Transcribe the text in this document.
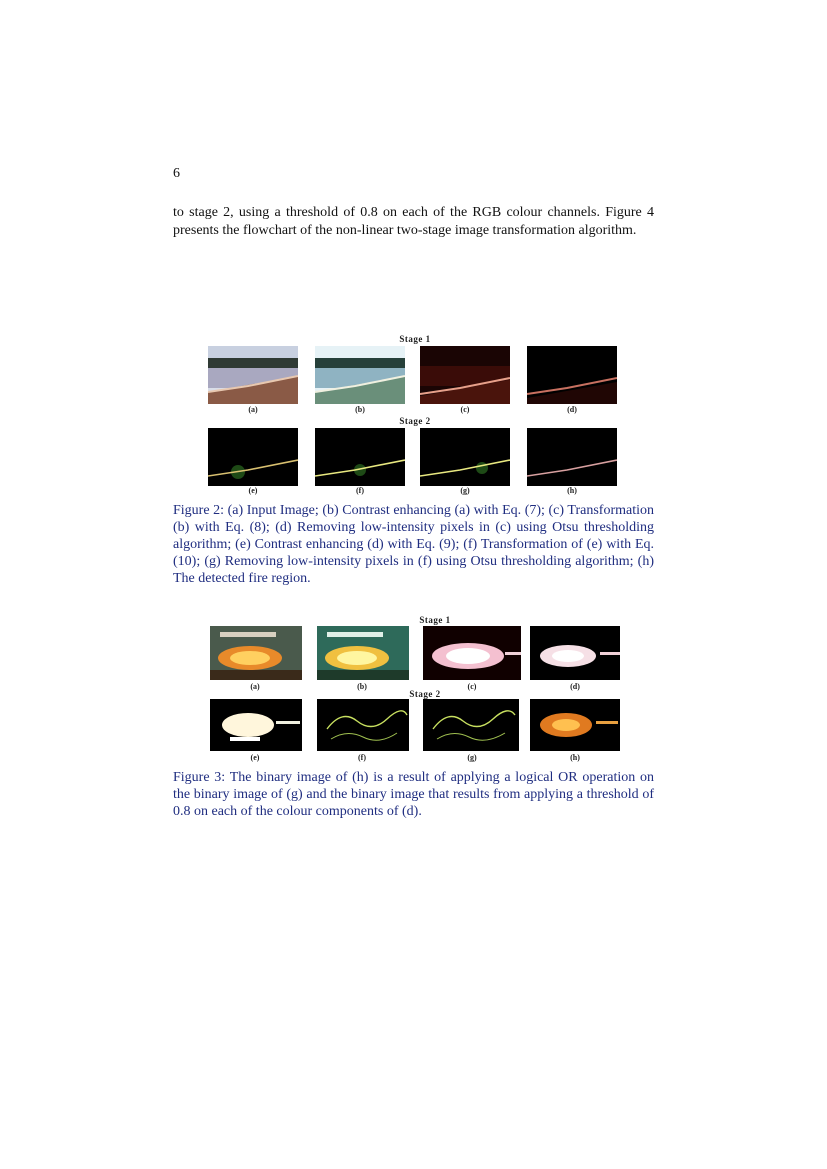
6
to stage 2, using a threshold of 0.8 on each of the RGB colour channels. Figure 4 presents the flowchart of the non-linear two-stage image transformation algorithm.
Stage 1
(a)	(b)	(c)	(d)
Stage 2
(e)	(f)	(g)	(h)
Figure 2: (a) Input Image; (b) Contrast enhancing (a) with Eq. (7); (c) Transformation (b) with Eq. (8); (d) Removing low-intensity pixels in (c) using Otsu thresholding algorithm; (e) Contrast enhancing (d) with Eq. (9); (f) Transformation of (e) with Eq. (10); (g) Removing low-intensity pixels in (f) using Otsu thresholding algorithm; (h) The detected fire region.
Stage 1
(a)	(b)	(c)	(d)
Stage 2
(e)	(f)	(g)	(h)
Figure 3: The binary image of (h) is a result of applying a logical OR operation on the binary image of (g) and the binary image that results from applying a threshold of 0.8 on each of the colour components of (d).
